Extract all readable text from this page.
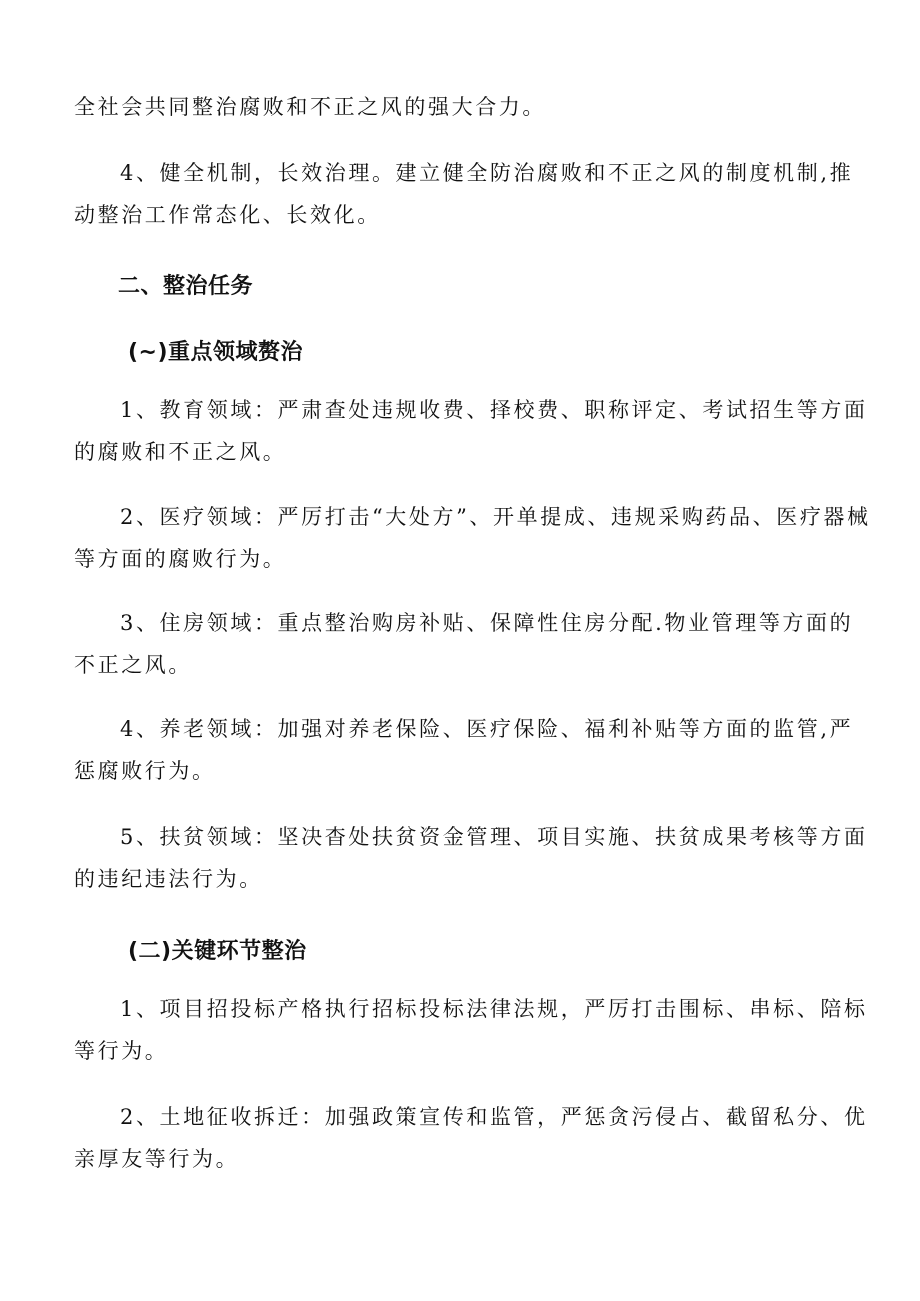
全社会共同整治腐败和不正之风的强大合力。

4、健全机制，长效治理。建立健全防治腐败和不正之风的制度机制,推动整治工作常态化、长效化。

二、整治任务
(~)重点领域赘治

1、教育领域：严肃查处违规收费、择校费、职称评定、考试招生等方面的腐败和不正之风。

2、医疗领域：严厉打击“大处方”、开单提成、违规采购药品、医疗器械等方面的腐败行为。

3、住房领域：重点整治购房补贴、保障性住房分配.物业管理等方面的不正之风。

4、养老领域：加强对养老保险、医疗保险、福利补贴等方面的监管,严惩腐败行为。

5、扶贫领域：坚决杳处扶贫资金管理、项目实施、扶贫成果考核等方面的违纪违法行为。

(二)关键环节整治

1、项目招投标产格执行招标投标法律法规，严厉打击围标、串标、陪标等行为。

2、土地征收拆迁：加强政策宣传和监管，严惩贪污侵占、截留私分、优亲厚友等行为。
